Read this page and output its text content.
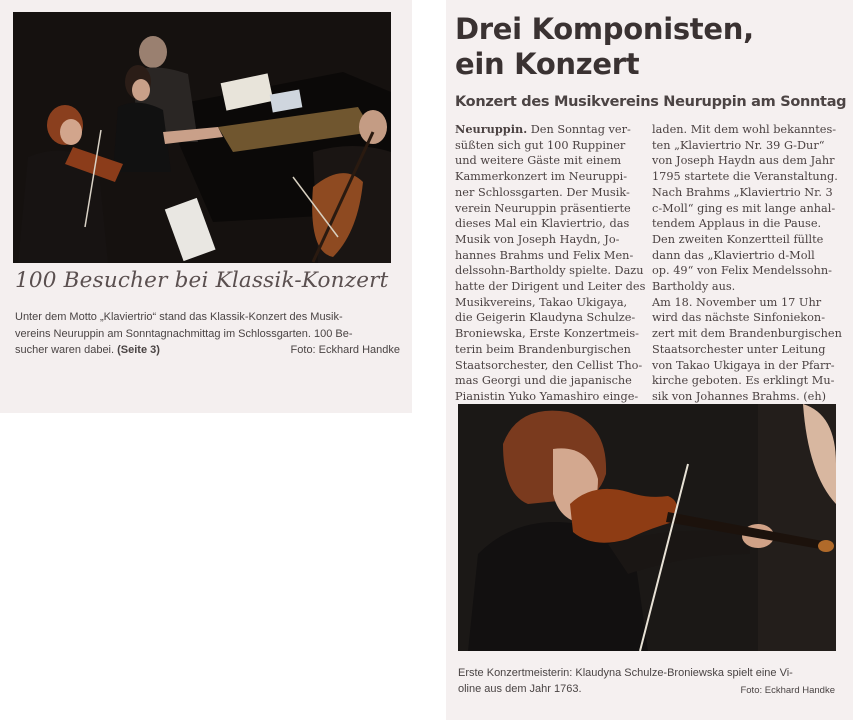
100 Besucher bei Klassik-Konzert
Unter dem Motto „Klaviertrio“ stand das Klassik-Konzert des Musik-
vereins Neuruppin am Sonntagnachmittag im Schlossgarten. 100 Be-
sucher waren dabei. (Seite 3)	Foto: Eckhard Handke
Drei Komponisten,
ein Konzert
Konzert des Musikvereins Neuruppin am Sonntag
Neuruppin. Den Sonntag ver-
süßten sich gut 100 Ruppiner
und weitere Gäste mit einem
Kammerkonzert im Neuruppi-
ner Schlossgarten. Der Musik-
verein Neuruppin präsentierte
dieses Mal ein Klaviertrio, das
Musik von Joseph Haydn, Jo-
hannes Brahms und Felix Men-
delssohn-Bartholdy spielte. Dazu
hatte der Dirigent und Leiter des
Musikvereins, Takao Ukigaya,
die Geigerin Klaudyna Schulze-
Broniewska, Erste Konzertmeis-
terin beim Brandenburgischen
Staatsorchester, den Cellist Tho-
mas Georgi und die japanische
Pianistin Yuko Yamashiro einge-
laden. Mit dem wohl bekanntes-
ten „Klaviertrio Nr. 39 G-Dur“
von Joseph Haydn aus dem Jahr
1795 startete die Veranstaltung.
Nach Brahms „Klaviertrio Nr. 3
c-Moll“ ging es mit lange anhal-
tendem Applaus in die Pause.
Den zweiten Konzertteil füllte
dann das „Klaviertrio d-Moll
op. 49“ von Felix Mendelssohn-
Bartholdy aus.
Am 18. November um 17 Uhr
wird das nächste Sinfoniekon-
zert mit dem Brandenburgischen
Staatsorchester unter Leitung
von Takao Ukigaya in der Pfarr-
kirche geboten. Es erklingt Mu-
sik von Johannes Brahms. (eh)
Erste Konzertmeisterin: Klaudyna Schulze-Broniewska spielt eine Vi-
oline aus dem Jahr 1763.	Foto: Eckhard Handke
